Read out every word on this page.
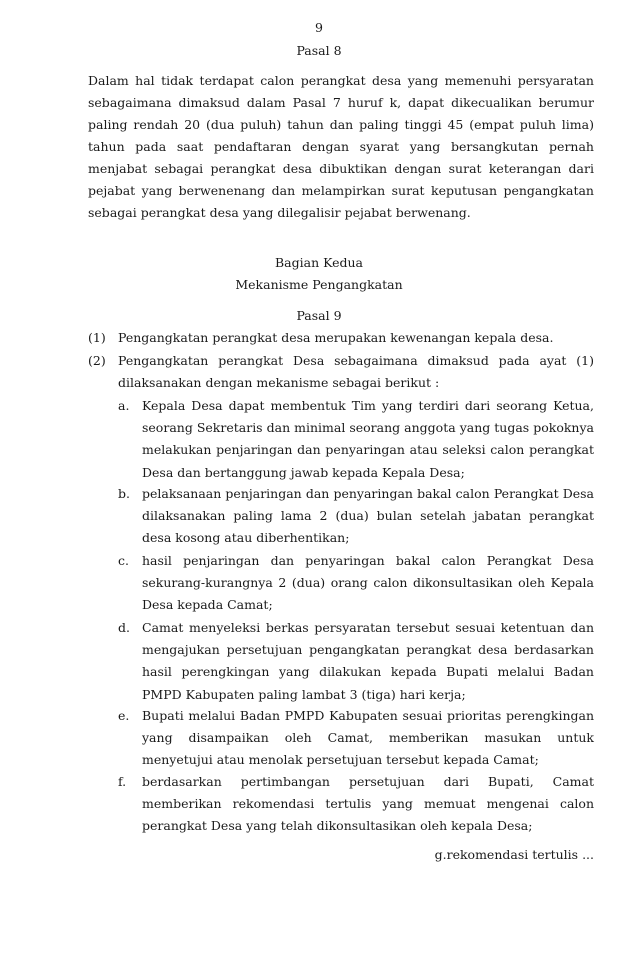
9
Pasal 8
Dalam hal tidak terdapat calon perangkat desa yang memenuhi persyaratan sebagaimana dimaksud dalam Pasal 7 huruf k, dapat dikecualikan berumur paling rendah 20 (dua puluh) tahun dan paling tinggi 45 (empat puluh lima) tahun pada saat pendaftaran dengan syarat yang bersangkutan pernah menjabat sebagai perangkat desa dibuktikan dengan surat keterangan dari pejabat yang berwenenang dan melampirkan surat keputusan pengangkatan sebagai perangkat desa yang dilegalisir pejabat berwenang.
Bagian Kedua
Mekanisme Pengangkatan
Pasal 9
(1) Pengangkatan perangkat desa merupakan kewenangan kepala desa.
(2) Pengangkatan perangkat Desa sebagaimana dimaksud pada ayat (1) dilaksanakan dengan mekanisme sebagai berikut :
a. Kepala Desa dapat membentuk Tim yang terdiri dari seorang Ketua, seorang Sekretaris dan minimal seorang anggota yang tugas pokoknya melakukan penjaringan dan penyaringan atau seleksi calon perangkat Desa dan bertanggung jawab kepada Kepala Desa;
b. pelaksanaan penjaringan dan penyaringan bakal calon Perangkat Desa dilaksanakan paling lama 2 (dua) bulan setelah jabatan perangkat desa kosong atau diberhentikan;
c. hasil penjaringan dan penyaringan bakal calon Perangkat Desa sekurang-kurangnya 2 (dua) orang calon dikonsultasikan oleh Kepala Desa kepada Camat;
d. Camat menyeleksi berkas persyaratan tersebut sesuai ketentuan dan mengajukan persetujuan pengangkatan perangkat desa berdasarkan hasil perengkingan yang dilakukan kepada Bupati melalui Badan PMPD Kabupaten paling lambat 3 (tiga) hari kerja;
e. Bupati melalui Badan PMPD Kabupaten sesuai prioritas perengkingan yang disampaikan oleh Camat, memberikan masukan untuk menyetujui atau menolak persetujuan tersebut kepada Camat;
f. berdasarkan pertimbangan persetujuan dari Bupati, Camat memberikan rekomendasi tertulis yang memuat mengenai calon perangkat Desa yang telah dikonsultasikan oleh kepala Desa;
g.rekomendasi tertulis ...
